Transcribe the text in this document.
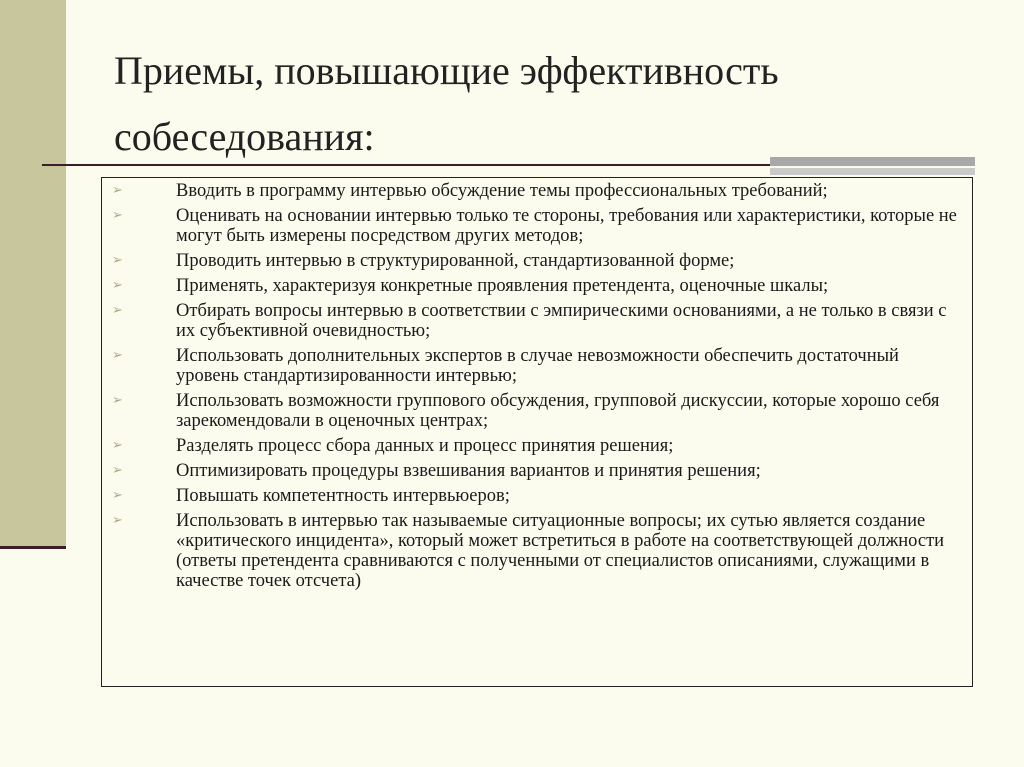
Приемы, повышающие эффективность собеседования:
➢	Вводить в программу интервью обсуждение темы профессиональных требований;
➢	Оценивать на основании интервью только те стороны, требования или характеристики, которые не могут быть измерены посредством других методов;
➢	Проводить интервью в структурированной, стандартизованной форме;
➢	Применять, характеризуя конкретные проявления претендента, оценочные шкалы;
➢	Отбирать вопросы интервью в соответствии с эмпирическими основаниями, а не только в связи с их субъективной очевидностью;
➢	Использовать дополнительных экспертов в случае невозможности обеспечить достаточный уровень стандартизированности интервью;
➢	Использовать возможности группового обсуждения, групповой дискуссии, которые хорошо себя зарекомендовали в оценочных центрах;
➢	Разделять процесс сбора данных и процесс принятия решения;
➢	Оптимизировать процедуры взвешивания вариантов и принятия решения;
➢	Повышать компетентность интервьюеров;
➢	Использовать в интервью так называемые ситуационные вопросы; их сутью является создание «критического инцидента», который может встретиться в работе на соответствующей должности (ответы претендента сравниваются с полученными от специалистов описаниями, служащими в качестве точек отсчета)
